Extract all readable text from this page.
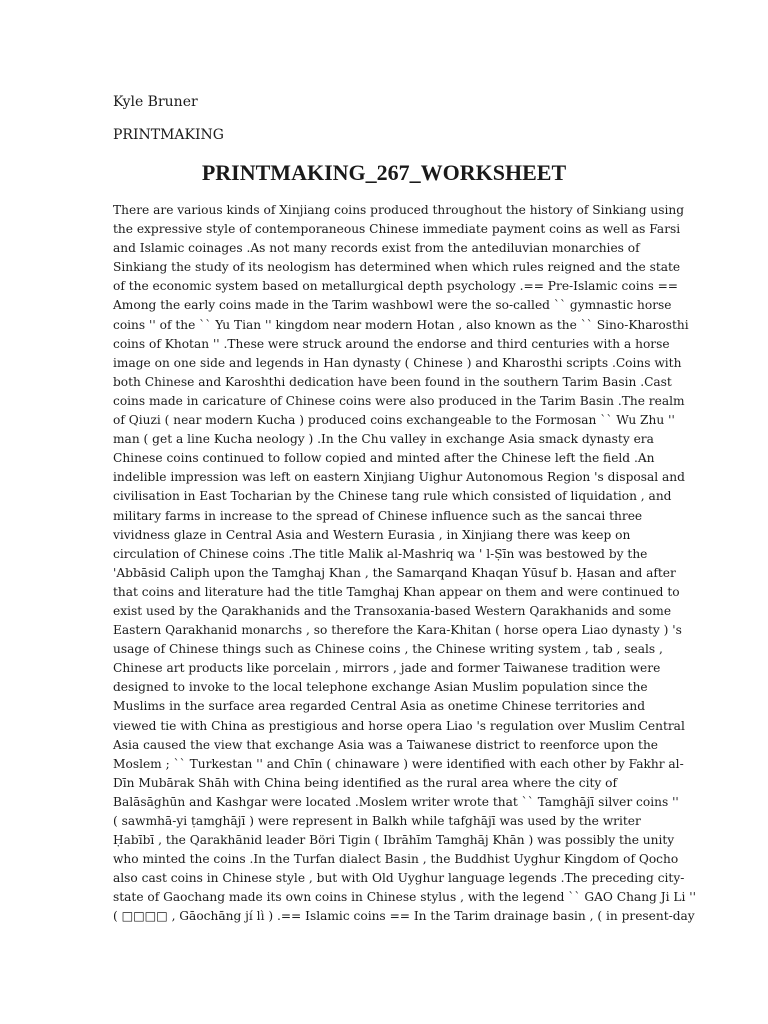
Kyle Bruner
PRINTMAKING
PRINTMAKING_267_WORKSHEET
There are various kinds of Xinjiang coins produced throughout the history of Sinkiang using
the expressive style of contemporaneous Chinese immediate payment coins as well as Farsi
and Islamic coinages .As not many records exist from the antediluvian monarchies of
Sinkiang the study of its neologism has determined when which rules reigned and the state
of the economic system based on metallurgical depth psychology .== Pre-Islamic coins ==
Among the early coins made in the Tarim washbowl were the so-called `` gymnastic horse
coins '' of the `` Yu Tian '' kingdom near modern Hotan , also known as the `` Sino-Kharosthi
coins of Khotan '' .These were struck around the endorse and third centuries with a horse
image on one side and legends in Han dynasty ( Chinese ) and Kharosthi scripts .Coins with
both Chinese and Karoshthi dedication have been found in the southern Tarim Basin .Cast
coins made in caricature of Chinese coins were also produced in the Tarim Basin .The realm
of Qiuzi ( near modern Kucha ) produced coins exchangeable to the Formosan `` Wu Zhu ''
man ( get a line Kucha neology ) .In the Chu valley in exchange Asia smack dynasty era
Chinese coins continued to follow copied and minted after the Chinese left the field .An
indelible impression was left on eastern Xinjiang Uighur Autonomous Region 's disposal and
civilisation in East Tocharian by the Chinese tang rule which consisted of liquidation , and
military farms in increase to the spread of Chinese influence such as the sancai three
vividness glaze in Central Asia and Western Eurasia , in Xinjiang there was keep on
circulation of Chinese coins .The title Malik al-Mashriq wa ' l-Ṣīn was bestowed by the
'Abbāsid Caliph upon the Tamghaj Khan , the Samarqand Khaqan Yūsuf b. Ḥasan and after
that coins and literature had the title Tamghaj Khan appear on them and were continued to
exist used by the Qarakhanids and the Transoxania-based Western Qarakhanids and some
Eastern Qarakhanid monarchs , so therefore the Kara-Khitan ( horse opera Liao dynasty ) 's
usage of Chinese things such as Chinese coins , the Chinese writing system , tab , seals ,
Chinese art products like porcelain , mirrors , jade and former Taiwanese tradition were
designed to invoke to the local telephone exchange Asian Muslim population since the
Muslims in the surface area regarded Central Asia as onetime Chinese territories and
viewed tie with China as prestigious and horse opera Liao 's regulation over Muslim Central
Asia caused the view that exchange Asia was a Taiwanese district to reenforce upon the
Moslem ; `` Turkestan '' and Chīn ( chinaware ) were identified with each other by Fakhr al-
Dīn Mubārak Shāh with China being identified as the rural area where the city of
Balāsāghūn and Kashgar were located .Moslem writer wrote that `` Tamghājī silver coins ''
( sawmhā-yi ṭamghājī ) were represent in Balkh while tafghājī was used by the writer
Ḥabībī , the Qarakhānid leader Böri Tigin ( Ibrāhīm Tamghāj Khān ) was possibly the unity
who minted the coins .In the Turfan dialect Basin , the Buddhist Uyghur Kingdom of Qocho
also cast coins in Chinese style , but with Old Uyghur language legends .The preceding city-
state of Gaochang made its own coins in Chinese stylus , with the legend `` GAO Chang Ji Li ''
( □□□□ , Gāochāng jí lì ) .== Islamic coins == In the Tarim drainage basin , ( in present-day
